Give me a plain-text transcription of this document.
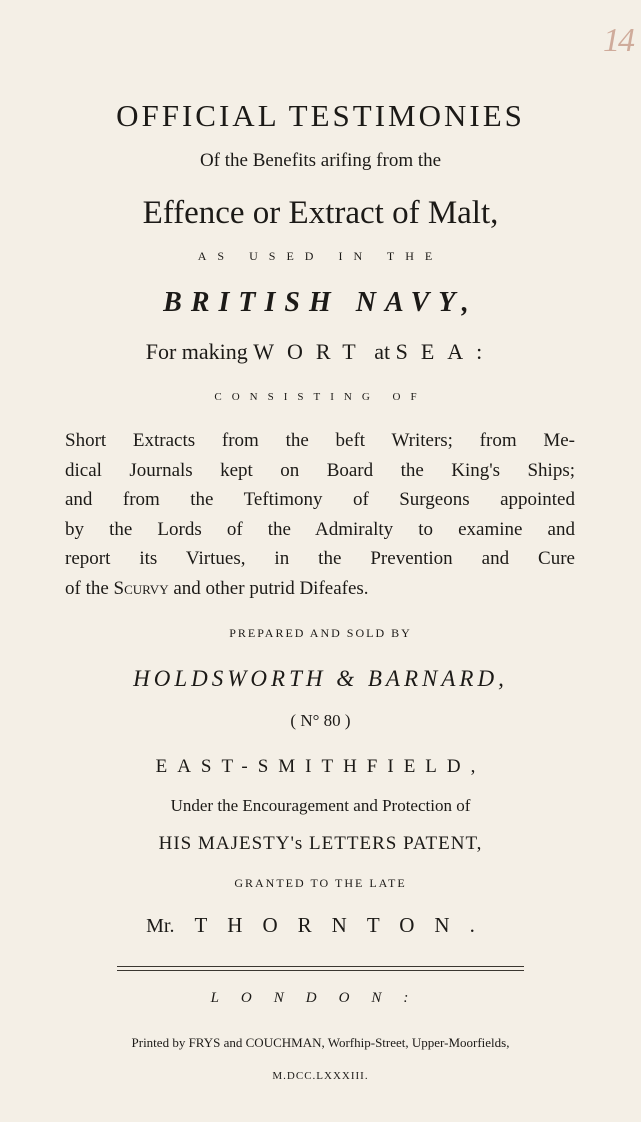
14
OFFICIAL TESTIMONIES
Of the Benefits arifing from the
Effence or Extract of Malt,
AS USED IN THE
BRITISH NAVY,
For making WORT at SEA:
CONSISTING OF
Short Extracts from the beft Writers; from Me-
dical Journals kept on Board the King's Ships;
and from the Teftimony of Surgeons appointed
by the Lords of the Admiralty to examine and
report its Virtues, in the Prevention and Cure
of the Scurvy and other putrid Difeafes.
PREPARED AND SOLD BY
HOLDSWORTH & BARNARD,
( N° 80 )
EAST-SMITHFIELD,
Under the Encouragement and Protection of
HIS MAJESTY's LETTERS PATENT,
GRANTED TO THE LATE
Mr. THORNTON.
LONDON:
Printed by FRYS and COUCHMAN, Worfhip-Street, Upper-Moorfields,
M.DCC.LXXXIII.
